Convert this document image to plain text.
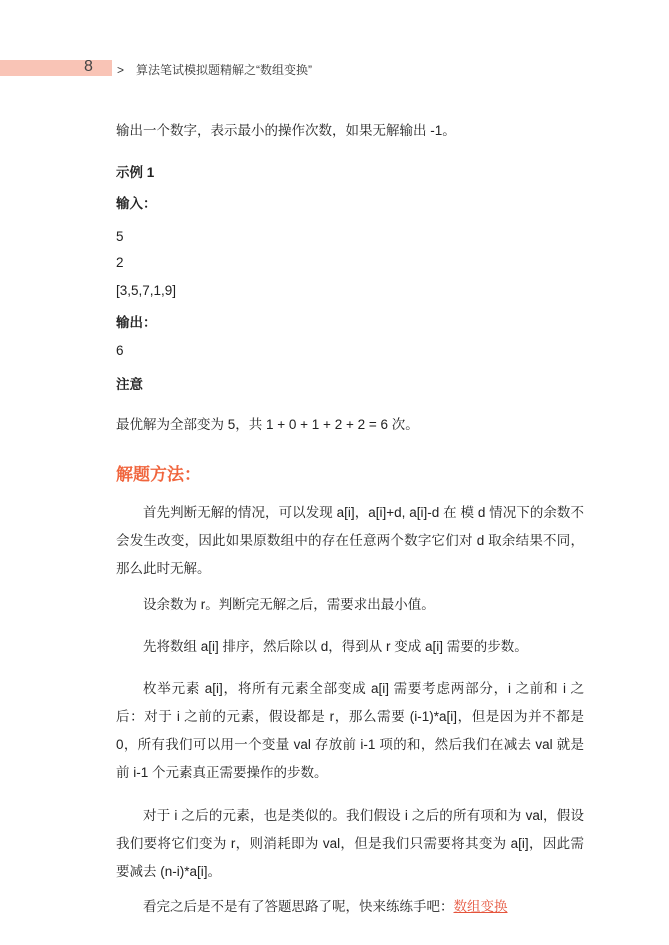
8 > 算法笔试模拟题精解之“数组变换”
输出一个数字，表示最小的操作次数，如果无解输出 -1。
示例 1
输入：
5
2
[3,5,7,1,9]
输出：
6
注意
最优解为全部变为 5，共 1 + 0 + 1 + 2 + 2 = 6 次。
解题方法：
首先判断无解的情况，可以发现 a[i]，a[i]+d, a[i]-d 在 模 d 情况下的余数不会发生改变，因此如果原数组中的存在任意两个数字它们对 d 取余结果不同，那么此时无解。
设余数为 r。判断完无解之后，需要求出最小值。
先将数组 a[i] 排序，然后除以 d，得到从 r 变成 a[i] 需要的步数。
枚举元素 a[i]，将所有元素全部变成 a[i] 需要考虑两部分，i 之前和 i 之后：对于 i 之前的元素，假设都是 r，那么需要 (i-1)*a[i]，但是因为并不都是 0，所有我们可以用一个变量 val 存放前 i-1 项的和，然后我们在减去 val 就是前 i-1 个元素真正需要操作的步数。
对于 i 之后的元素，也是类似的。我们假设 i 之后的所有项和为 val，假设我们要将它们变为 r，则消耗即为 val，但是我们只需要将其变为 a[i]，因此需要减去 (n-i)*a[i]。
看完之后是不是有了答题思路了呢，快来练练手吧：数组变换
